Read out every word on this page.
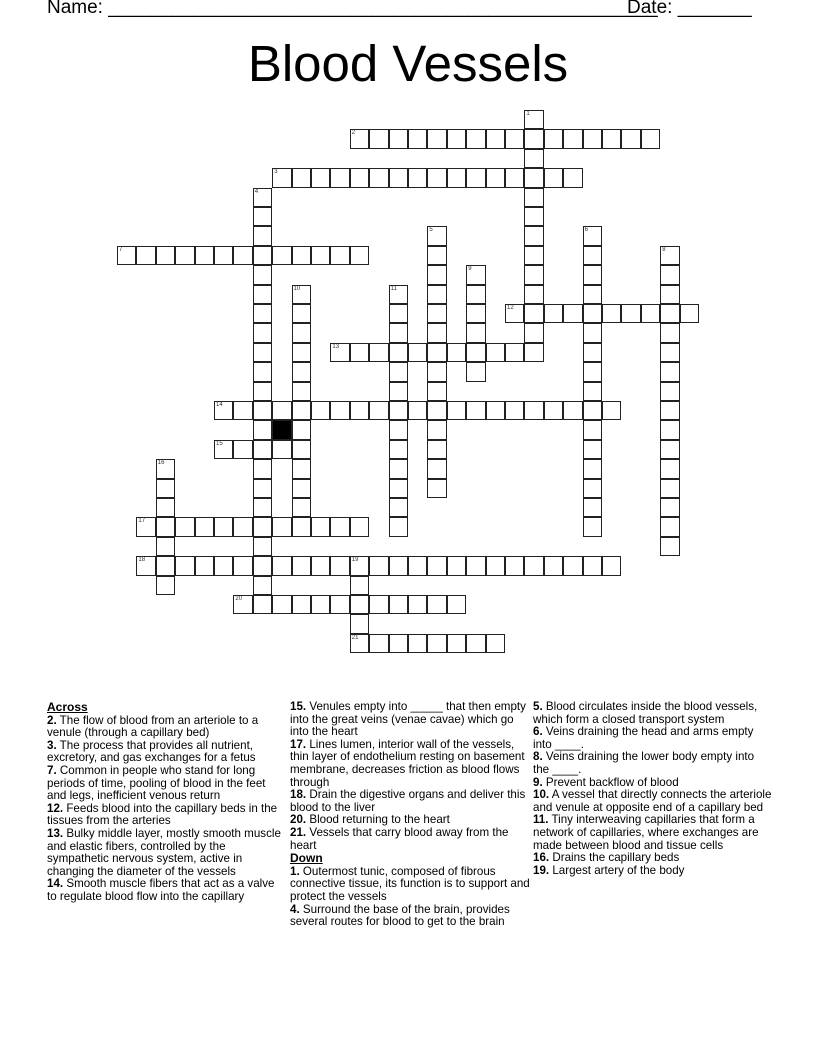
Name: ____________________________________________________
Date: _______
Blood Vessels
1
2
3
4
5	6
7	8
9
10	11
12
13
14
15
16
17
18	19
21
20
Across
2. The flow of blood from an arteriole to a venule (through a capillary bed)
3. The process that provides all nutrient, excretory, and gas exchanges for a fetus
7. Common in people who stand for long periods of time, pooling of blood in the feet and legs, inefficient venous return
12. Feeds blood into the capillary beds in the tissues from the arteries
13. Bulky middle layer, mostly smooth muscle and elastic fibers, controlled by the sympathetic nervous system, active in changing the diameter of the vessels
14. Smooth muscle fibers that act as a valve to regulate blood flow into the capillary
15. Venules empty into _____ that then empty into the great veins (venae cavae) which go into the heart
17. Lines lumen, interior wall of the vessels, thin layer of endothelium resting on basement membrane, decreases friction as blood flows through
18. Drain the digestive organs and deliver this blood to the liver
20. Blood returning to the heart
21. Vessels that carry blood away from the heart
Down
1. Outermost tunic, composed of fibrous connective tissue, its function is to support and protect the vessels
4. Surround the base of the brain, provides several routes for blood to get to the brain
5. Blood circulates inside the blood vessels, which form a closed transport system
6. Veins draining the head and arms empty into ____.
8. Veins draining the lower body empty into the ____.
9. Prevent backflow of blood
10. A vessel that directly connects the arteriole and venule at opposite end of a capillary bed
11. Tiny interweaving capillaries that form a network of capillaries, where exchanges are made between blood and tissue cells
16. Drains the capillary beds
19. Largest artery of the body
